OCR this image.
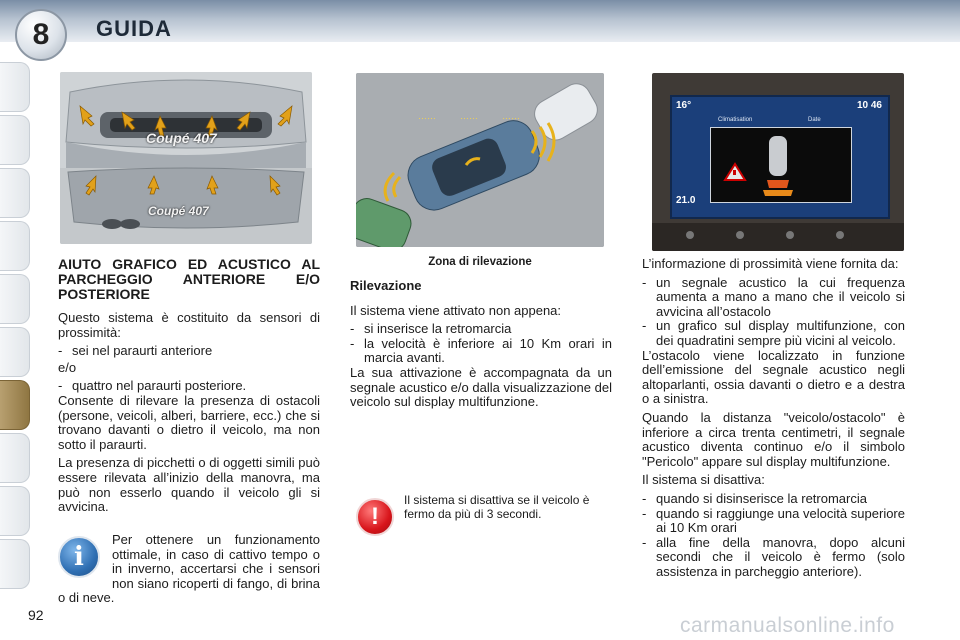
8	GUIDA
Coupé 407
Coupé 407
……	……	……
Zona di rilevazione
16°	10 46
Climatisation	Date
21.0
AIUTO GRAFICO ED ACUSTICO AL PARCHEGGIO ANTERIORE E/O POSTERIORE

Questo sistema è costituito da sensori di prossimità:

- sei nel paraurti anteriore

e/o

- quattro nel paraurti posteriore.

Consente di rilevare la presenza di ostacoli (persone, veicoli, alberi, barriere, ecc.) che si trovano davanti o dietro il veicolo, ma non sotto il paraurti.

La presenza di picchetti o di oggetti simili può essere rilevata all’inizio della manovra, ma può non esserlo quando il veicolo gli si avvicina.

i

Per ottenere un funzionamento ottimale, in caso di cattivo tempo o in inverno, accertarsi che i sensori non siano ricoperti di fango, di brina o di neve.

Rilevazione

Il sistema viene attivato non appena:

- si inserisce la retromarcia
- la velocità è inferiore ai 10 Km orari in marcia avanti.

La sua attivazione è accompagnata da un segnale acustico e/o dalla visualizzazione del veicolo sul display multifunzione.

!
Il sistema si disattiva se il veicolo è fermo da più di 3 secondi.

L’informazione di prossimità viene fornita da:

- un segnale acustico la cui frequenza aumenta a mano a mano che il veicolo si avvicina all’ostacolo
- un grafico sul display multifunzione, con dei quadratini sempre più vicini al veicolo.

L’ostacolo viene localizzato in funzione dell’emissione del segnale acustico negli altoparlanti, ossia davanti o dietro e a destra o a sinistra.

Quando la distanza "veicolo/ostacolo" è inferiore a circa trenta centimetri, il segnale acustico diventa continuo e/o il simbolo "Pericolo" appare sul display multifunzione.

Il sistema si disattiva:

- quando si disinserisce la retromarcia
- quando si raggiunge una velocità superiore ai 10 Km orari
- alla fine della manovra, dopo alcuni secondi che il veicolo è fermo (solo assistenza in parcheggio anteriore).
92	carmanualsonline.info
